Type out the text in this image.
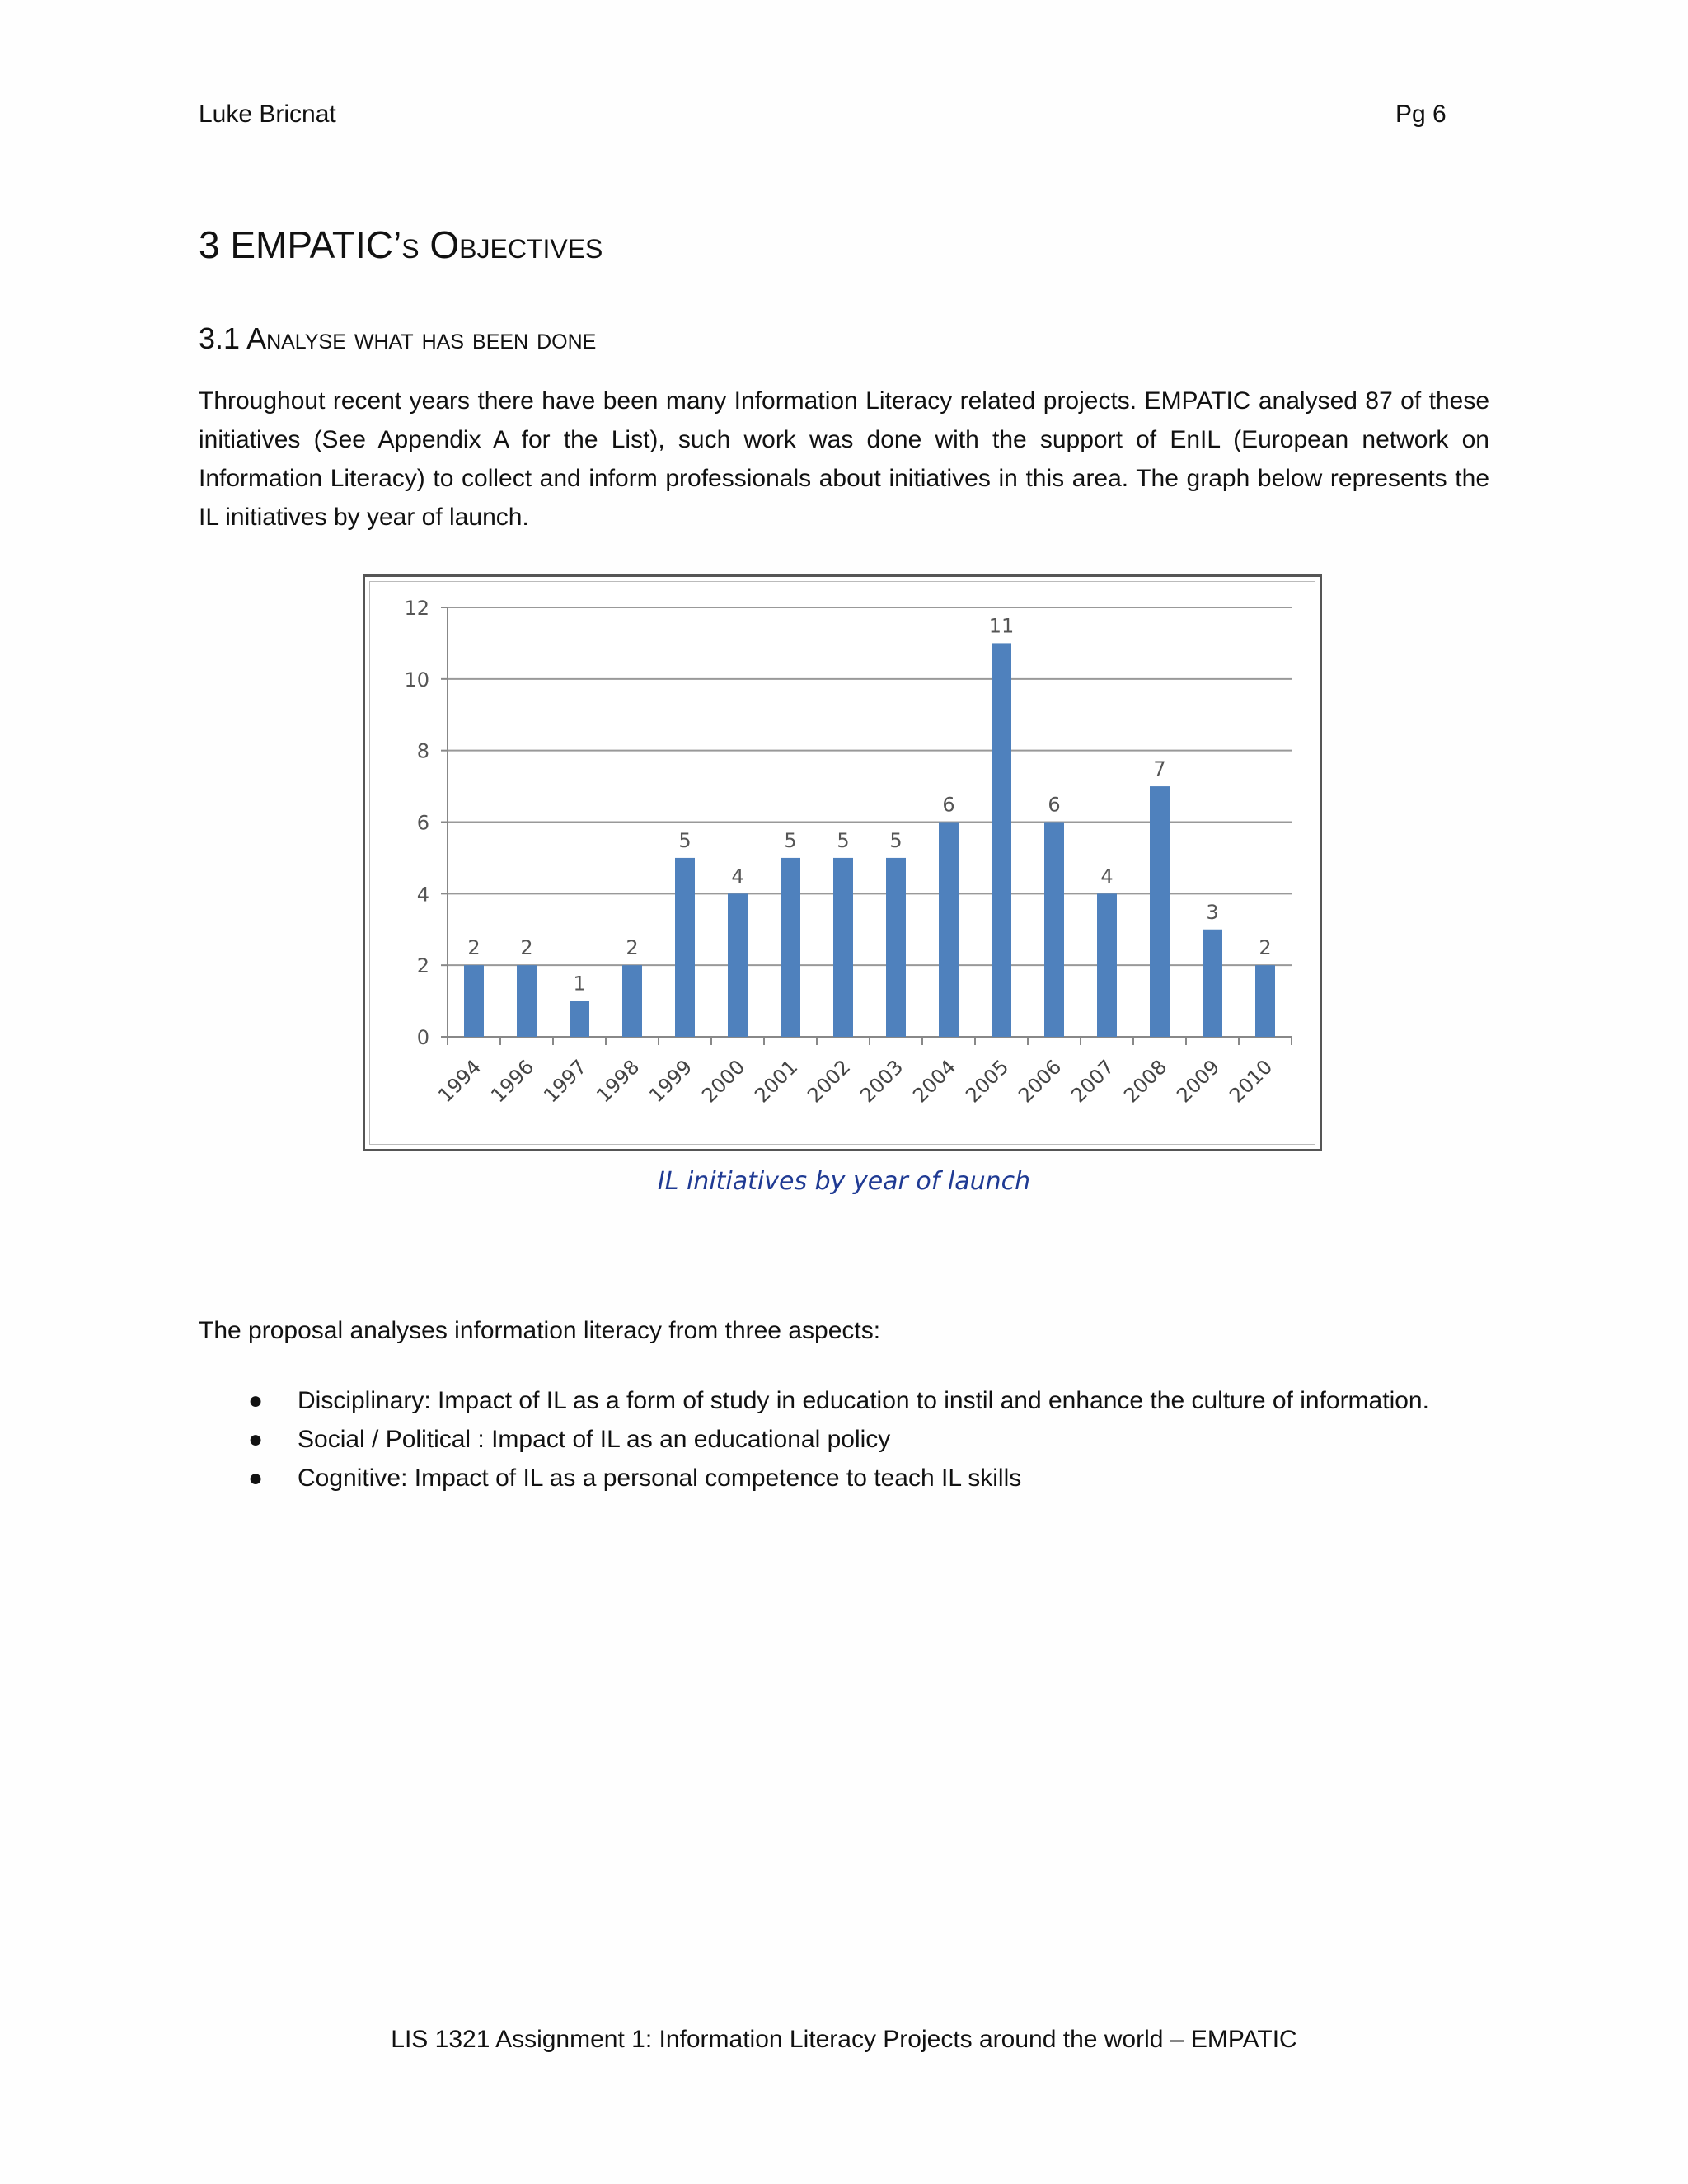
Luke Bricnat	Pg 6
3 EMPATIC’s Objectives
3.1 Analyse what has been done

Throughout recent years there have been many Information Literacy related projects. EMPATIC analysed 87 of these initiatives (See Appendix A for the List), such work was done with the support of EnIL (European network on Information Literacy) to collect and inform professionals about initiatives in this area. The graph below represents the IL initiatives by year of launch.

0
2
4
6
8
10
12
2
1994
2
1996
1
1997
2
1998
5
1999
4
2000
5
2001
5
2002
5
2003
6
2004
11
2005
6
2006
4
2007
7
2008
3
2009
2
2010
IL initiatives by year of launch

The proposal analyses information literacy from three aspects:

● Disciplinary: Impact of IL as a form of study in education to instil and enhance the culture of information.
● Social / Political : Impact of IL as an educational policy
● Cognitive: Impact of IL as a personal competence to teach IL skills
LIS 1321 Assignment 1: Information Literacy Projects around the world – EMPATIC
